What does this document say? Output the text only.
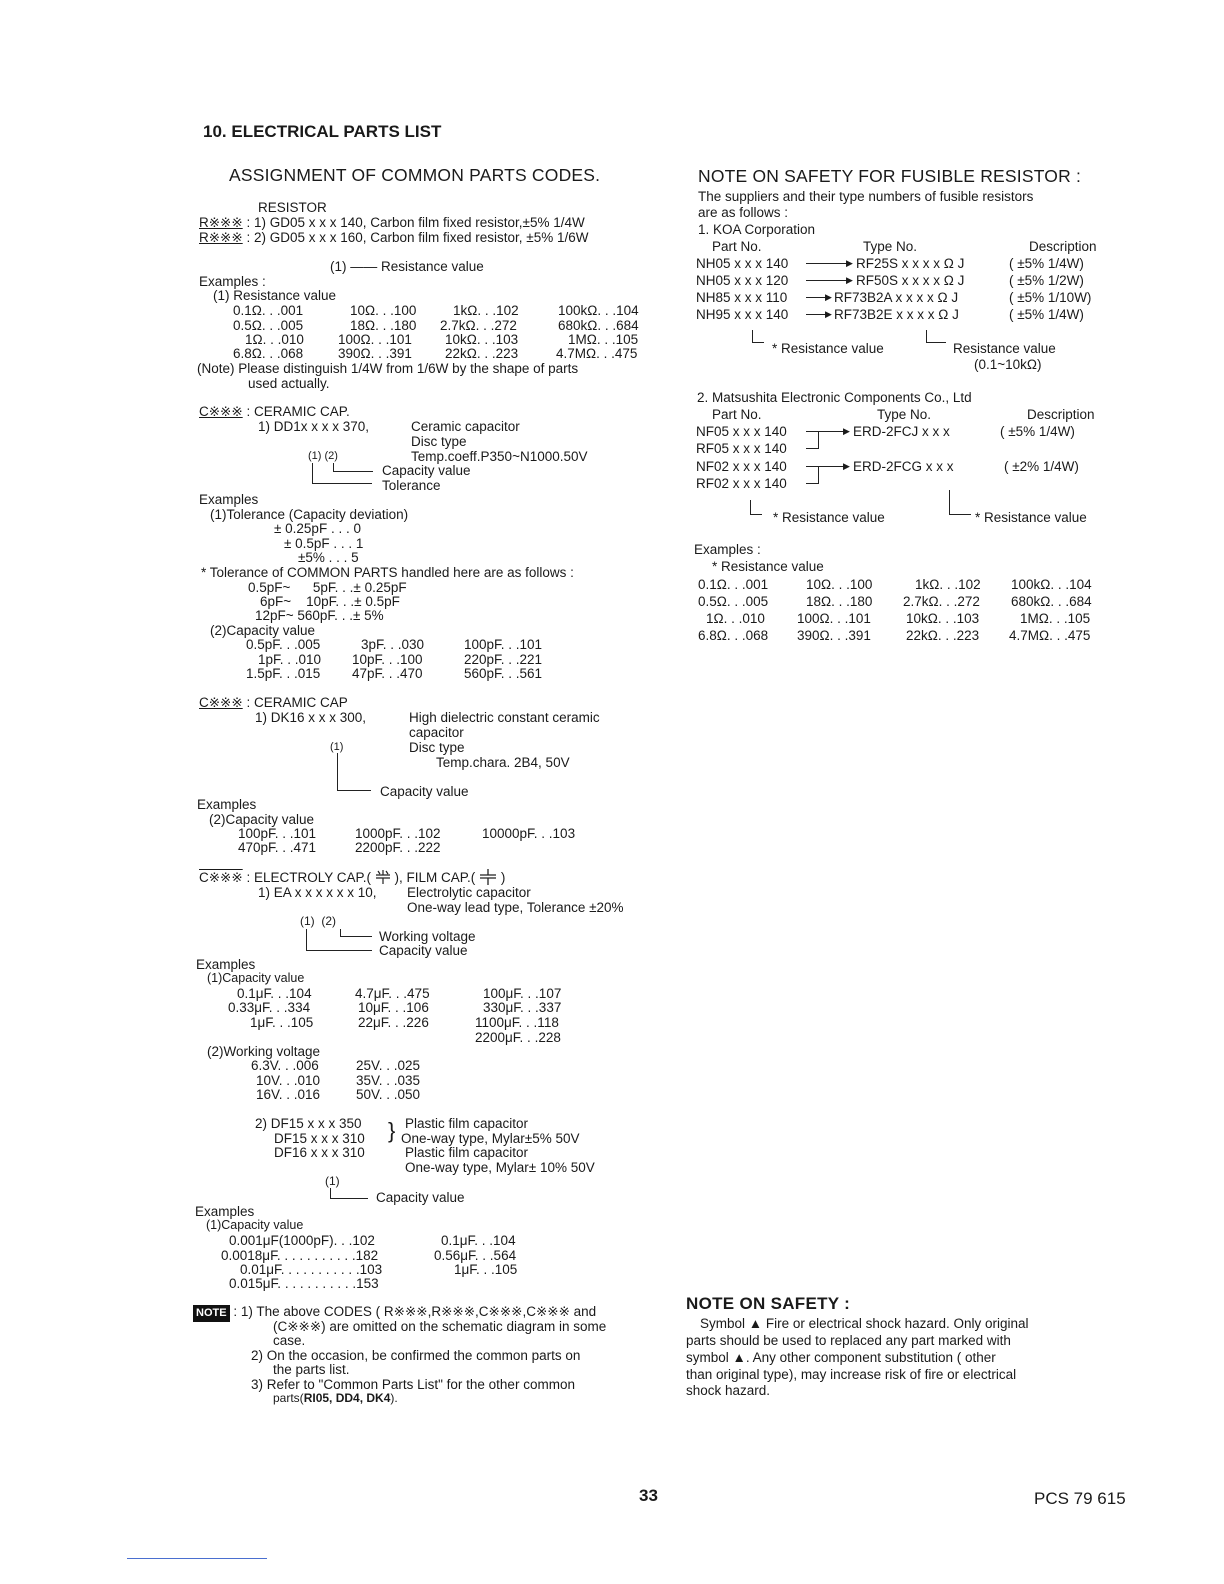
10. ELECTRICAL PARTS LIST
ASSIGNMENT OF COMMON PARTS CODES.
RESISTOR
R※※※ : 1) GD05 x x x 140, Carbon film fixed resistor,±5% 1/4W
R※※※ : 2) GD05 x x x 160, Carbon film fixed resistor, ±5% 1/6W
(1) —— Resistance value
Examples :
(1) Resistance value
0.1Ω. . .001	10Ω. . .100	1kΩ. . .102	100kΩ. . .104
0.5Ω. . .005	18Ω. . .180 2.7kΩ. . .272	680kΩ. . .684
1Ω. . .010	100Ω. . .101 10kΩ. . .103	1MΩ. . .105
6.8Ω. . .068	390Ω. . .391 22kΩ. . .223	4.7MΩ. . .475
(Note) Please distinguish 1/4W from 1/6W by the shape of parts
used actually.
C※※※ : CERAMIC CAP.
1) DD1x x x x 370,	Ceramic capacitor
Disc type
Temp.coeff.P350~N1000.50V
(1) (2)
Capacity value
Tolerance
Examples
(1)Tolerance (Capacity deviation)
± 0.25pF . . . 0
± 0.5pF . . . 1
±5% . . . 5
* Tolerance of COMMON PARTS handled here are as follows :
0.5pF~      5pF. . .± 0.25pF
6pF~    10pF. . .± 0.5pF
12pF~ 560pF. . .± 5%
(2)Capacity value
0.5pF. . .005	3pF. . .030	100pF. . .101
1pF. . .010 10pF. . .100	220pF. . .221
1.5pF. . .015 47pF. . .470	560pF. . .561
C※※※ : CERAMIC CAP
1) DK16 x x x 300,	High dielectric constant ceramic
capacitor
(1)	Disc type
Temp.chara. 2B4, 50V
Capacity value
Examples
(2)Capacity value
100pF. . .101	1000pF. . .102	10000pF. . .103
470pF. . .471	2200pF. . .222
C※※※ : ELECTROLY CAP.( ), FILM CAP.( )
1) EA x x x x x x 10, Electrolytic capacitor
One-way lead type, Tolerance ±20%
(1)  (2)
Working voltage
Capacity value
Examples
(1)Capacity value
0.1μF. . .104	4.7μF. . .475	100μF. . .107
0.33μF. . .334	10μF. . .106	330μF. . .337
1μF. . .105	22μF. . .226	1100μF. . .118
2200μF. . .228
(2)Working voltage
6.3V. . .006	25V. . .025
10V. . .010	35V. . .035
16V. . .016	50V. . .050
2) DF15 x x x 350
DF15 x x x 310
DF16 x x x 310
} Plastic film capacitor
One-way type, Mylar±5% 50V
Plastic film capacitor
One-way type, Mylar± 10% 50V
(1)
Capacity value
Examples
(1)Capacity value
0.001μF(1000pF). . .102	0.1μF. . .104
0.0018μF. . . . . . . . . . .182	0.56μF. . .564
0.01μF. . . . . . . . . . .103	1μF. . .105
0.015μF. . . . . . . . . . .153
NOTE : 1) The above CODES ( R※※※,R※※※,C※※※,C※※※ and
(C※※※) are omitted on the schematic diagram in some
case.
2) On the occasion, be confirmed the common parts on
the parts list.
3) Refer to "Common Parts List" for the other common
parts(RI05, DD4, DK4).
NOTE ON SAFETY FOR FUSIBLE RESISTOR :
The suppliers and their type numbers of fusible resistors
are as follows :
1. KOA Corporation
Part No.	Type No.	Description
NH05 x x x 140	▶ RF25S x x x x Ω J	( ±5% 1/4W)
NH05 x x x 120	▶ RF50S x x x x Ω J	( ±5% 1/2W)
NH85 x x x 110	▶ RF73B2A x x x x Ω J	( ±5% 1/10W)
NH95 x x x 140	▶ RF73B2E x x x x Ω J	( ±5% 1/4W)
* Resistance value	Resistance value
(0.1~10kΩ)
2. Matsushita Electronic Components Co., Ltd
Part No.	Type No.	Description
NF05 x x x 140	▶ ERD-2FCJ x x x	( ±5% 1/4W)
RF05 x x x 140
NF02 x x x 140	▶ ERD-2FCG x x x	( ±2% 1/4W)
RF02 x x x 140
* Resistance value	* Resistance value
Examples :
* Resistance value
0.1Ω. . .001	10Ω. . .100	1kΩ. . .102 100kΩ. . .104
0.5Ω. . .005	18Ω. . .180 2.7kΩ. . .272 680kΩ. . .684
1Ω. . .010 100Ω. . .101	10kΩ. . .103	1MΩ. . .105
6.8Ω. . .068 390Ω. . .391	22kΩ. . .223 4.7MΩ. . .475
NOTE ON SAFETY :
Symbol ▲ Fire or electrical shock hazard. Only original
parts should be used to replaced any part marked with
symbol ▲. Any other component substitution ( other
than original type), may increase risk of fire or electrical
shock hazard.
33	PCS 79 615
